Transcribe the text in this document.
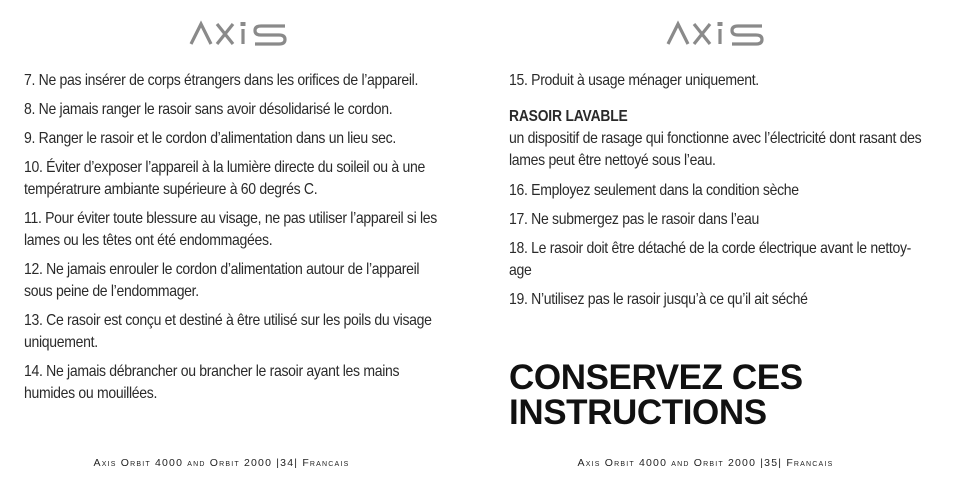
7. Ne pas insérer de corps étrangers dans les orifices de l’appareil.

8. Ne jamais ranger le rasoir sans avoir désolidarisé le cordon.

9. Ranger le rasoir et le cordon d’alimentation dans un lieu sec.

10. Éviter d’exposer l’appareil à la lumière directe du soileil ou à une températrure ambiante supérieure à 60 degrés C.

11. Pour éviter toute blessure au visage, ne pas utiliser l’appareil si les lames ou les têtes ont été endommagées.

12. Ne jamais enrouler le cordon d’alimentation autour de l’appareil sous peine de l’endommager.

13. Ce rasoir est conçu et destiné à être utilisé sur les poils du visage uniquement.

14. Ne jamais débrancher ou brancher le rasoir ayant les mains humides ou mouillées.

Axis Orbit 4000 and Orbit 2000 |34| Francais

15. Produit à usage ménager uniquement.

RASOIR LAVABLE

un dispositif de rasage qui fonctionne avec l’électricité dont rasant des lames peut être nettoyé sous l’eau.

16. Employez seulement dans la condition sèche

17. Ne submergez pas le rasoir dans l’eau

18. Le rasoir doit être détaché de la corde électrique avant le nettoy-age

19. N’utilisez pas le rasoir jusqu’à ce qu’il ait séché

CONSERVEZ CES
INSTRUCTIONS
Axis Orbit 4000 and Orbit 2000 |35| Francais
